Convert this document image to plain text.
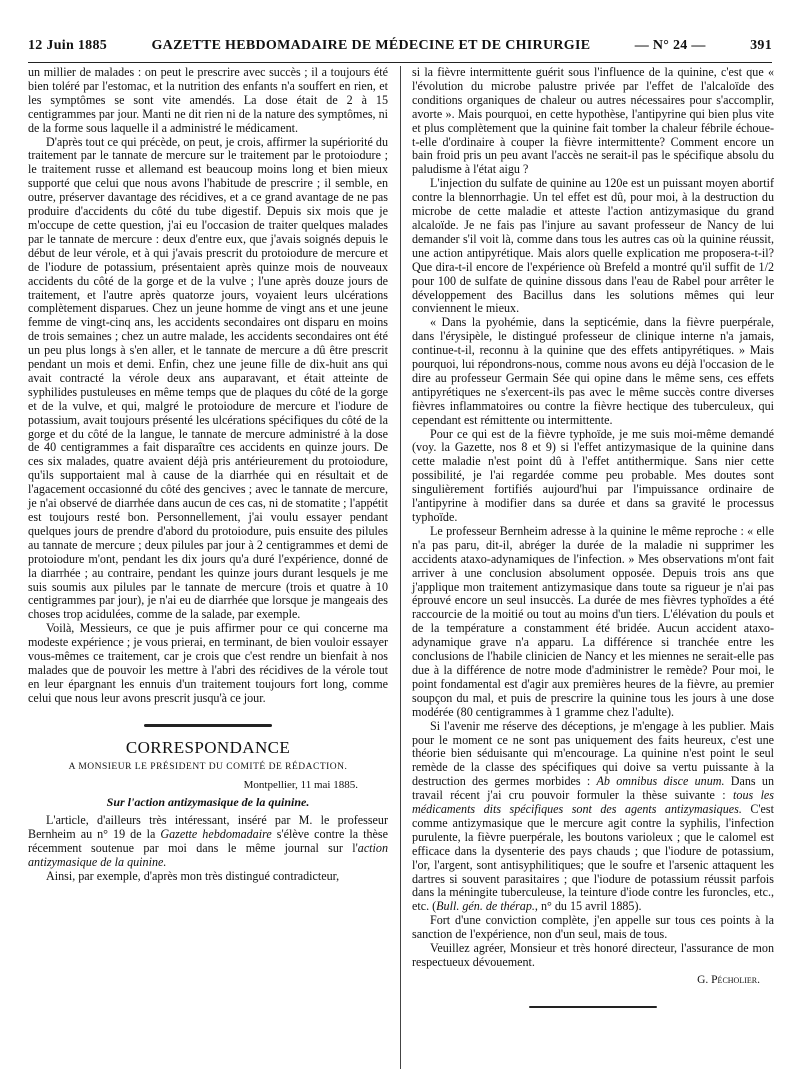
12 Juin 1885	GAZETTE HEBDOMADAIRE DE MÉDECINE ET DE CHIRURGIE	— N° 24 —	391

un millier de malades : on peut le prescrire avec succès ; il a toujours été bien toléré par l'estomac, et la nutrition des enfants n'a souffert en rien, et les symptômes se sont vite amendés. La dose était de 2 à 15 centigrammes par jour. Manti ne dit rien ni de la nature des symptômes, ni de la forme sous laquelle il a administré le médicament.

D'après tout ce qui précède, on peut, je crois, affirmer la supériorité du traitement par le tannate de mercure sur le traitement par le protoiodure ; le traitement russe et allemand est beaucoup moins long et bien mieux supporté que celui que nous avons l'habitude de prescrire ; il semble, en outre, préserver davantage des récidives, et a ce grand avantage de ne pas produire d'accidents du côté du tube digestif. Depuis six mois que je m'occupe de cette question, j'ai eu l'occasion de traiter quelques malades par le tannate de mercure : deux d'entre eux, que j'avais soignés depuis le début de leur vérole, et à qui j'avais prescrit du protoiodure de mercure et de l'iodure de potassium, présentaient après quinze mois de nouveaux accidents du côté de la gorge et de la vulve ; l'une après douze jours de traitement, et l'autre après quatorze jours, voyaient leurs ulcérations complètement disparues. Chez un jeune homme de vingt ans et une jeune femme de vingt-cinq ans, les accidents secondaires ont disparu en moins de trois semaines ; chez un autre malade, les accidents secondaires ont été un peu plus longs à s'en aller, et le tannate de mercure a dû être prescrit pendant un mois et demi. Enfin, chez une jeune fille de dix-huit ans qui avait contracté la vérole deux ans auparavant, et était atteinte de syphilides pustuleuses en même temps que de plaques du côté de la gorge et de la vulve, et qui, malgré le protoiodure de mercure et l'iodure de potassium, avait toujours présenté les ulcérations spécifiques du côté de la gorge et du côté de la langue, le tannate de mercure administré à la dose de 40 centigrammes a fait disparaître ces accidents en quinze jours. De ces six malades, quatre avaient déjà pris antérieurement du protoiodure, qu'ils supportaient mal à cause de la diarrhée qui en résultait et de l'agacement occasionné du côté des gencives ; avec le tannate de mercure, je n'ai observé de diarrhée dans aucun de ces cas, ni de stomatite ; l'appétit est toujours resté bon. Personnellement, j'ai voulu essayer pendant quelques jours de prendre d'abord du protoiodure, puis ensuite des pilules au tannate de mercure ; deux pilules par jour à 2 centigrammes et demi de protoiodure m'ont, pendant les dix jours qu'a duré l'expérience, donné de la diarrhée ; au contraire, pendant les quinze jours durant lesquels je me suis soumis aux pilules par le tannate de mercure (trois et quatre à 10 centigrammes par jour), je n'ai eu de diarrhée que lorsque je mangeais des choses trop acidulées, comme de la salade, par exemple.

Voilà, Messieurs, ce que je puis affirmer pour ce qui concerne ma modeste expérience ; je vous prierai, en terminant, de bien vouloir essayer vous-mêmes ce traitement, car je crois que c'est rendre un bienfait à nos malades que de pouvoir les mettre à l'abri des récidives de la vérole tout en leur épargnant les ennuis d'un traitement toujours fort long, comme celui que nous leur avons prescrit jusqu'à ce jour.

CORRESPONDANCE
A MONSIEUR LE PRÉSIDENT DU COMITÉ DE RÉDACTION.
Montpellier, 11 mai 1885.
Sur l'action antizymasique de la quinine.

L'article, d'ailleurs très intéressant, inséré par M. le professeur Bernheim au n° 19 de la Gazette hebdomadaire s'élève contre la thèse récemment soutenue par moi dans le même journal sur l'action antizymasique de la quinine.

Ainsi, par exemple, d'après mon très distingué contradicteur,

si la fièvre intermittente guérit sous l'influence de la quinine, c'est que « l'évolution du microbe palustre privée par l'effet de l'alcaloïde des conditions organiques de chaleur ou autres nécessaires pour s'accomplir, avorte ». Mais pourquoi, en cette hypothèse, l'antipyrine qui bien plus vite et plus complètement que la quinine fait tomber la chaleur fébrile échoue-t-elle d'ordinaire à couper la fièvre intermittente? Comment encore un bain froid pris un peu avant l'accès ne serait-il pas le spécifique absolu du paludisme à l'état aigu ?

L'injection du sulfate de quinine au 120e est un puissant moyen abortif contre la blennorrhagie. Un tel effet est dû, pour moi, à la destruction du microbe de cette maladie et atteste l'action antizymasique du grand alcaloïde. Je ne fais pas l'injure au savant professeur de Nancy de lui demander s'il voit là, comme dans tous les autres cas où la quinine réussit, une action antipyrétique. Mais alors quelle explication me proposera-t-il? Que dira-t-il encore de l'expérience où Brefeld a montré qu'il suffit de 1/2 pour 100 de sulfate de quinine dissous dans l'eau de Rabel pour arrêter le développement des Bacillus dans les solutions mêmes qui leur conviennent le mieux.

« Dans la pyohémie, dans la septicémie, dans la fièvre puerpérale, dans l'érysipèle, le distingué professeur de clinique interne n'a jamais, continue-t-il, reconnu à la quinine que des effets antipyrétiques. » Mais pourquoi, lui répondrons-nous, comme nous avons eu déjà l'occasion de le dire au professeur Germain Sée qui opine dans le même sens, ces effets antipyrétiques ne s'exercent-ils pas avec le même succès contre diverses fièvres inflammatoires ou contre la fièvre hectique des tuberculeux, qui cependant est rémittente ou intermittente.

Pour ce qui est de la fièvre typhoïde, je me suis moi-même demandé (voy. la Gazette, nos 8 et 9) si l'effet antizymasique de la quinine dans cette maladie n'est point dû à l'effet antithermique. Sans nier cette possibilité, je l'ai regardée comme peu probable. Mes doutes sont singulièrement fortifiés aujourd'hui par l'impuissance ordinaire de l'antipyrine à modifier dans sa durée et dans sa gravité le processus typhoïde.

Le professeur Bernheim adresse à la quinine le même reproche : « elle n'a pas paru, dit-il, abréger la durée de la maladie ni supprimer les accidents ataxo-adynamiques de l'infection. » Mes observations m'ont fait arriver à une conclusion absolument opposée. Depuis trois ans que j'applique mon traitement antizymasique dans toute sa rigueur je n'ai pas éprouvé encore un seul insuccès. La durée de mes fièvres typhoïdes a été raccourcie de la moitié ou tout au moins d'un tiers. L'élévation du pouls et de la température a constamment été bridée. Aucun accident ataxo-adynamique grave n'a apparu. La différence si tranchée entre les conclusions de l'habile clinicien de Nancy et les miennes ne serait-elle pas due à la différence de notre mode d'administrer le remède? Pour moi, le point fondamental est d'agir aux premières heures de la fièvre, au premier soupçon du mal, et puis de prescrire la quinine tous les jours à une dose modérée (80 centigrammes à 1 gramme chez l'adulte).

Si l'avenir me réserve des déceptions, je m'engage à les publier. Mais pour le moment ce ne sont pas uniquement des faits heureux, c'est une théorie bien séduisante qui m'encourage. La quinine n'est point le seul remède de la classe des spécifiques qui doive sa vertu puissante à la destruction des germes morbides : Ab omnibus disce unum. Dans un travail récent j'ai cru pouvoir formuler la thèse suivante : tous les médicaments dits spécifiques sont des agents antizymasiques. C'est comme antizymasique que le mercure agit contre la syphilis, l'infection purulente, la fièvre puerpérale, les boutons varioleux ; que le calomel est efficace dans la dysenterie des pays chauds ; que l'iodure de potassium, l'or, l'argent, sont antisyphilitiques; que le soufre et l'arsenic attaquent les dartres si souvent parasitaires ; que l'iodure de potassium réussit parfois dans la méningite tuberculeuse, la teinture d'iode contre les furoncles, etc., etc. (Bull. gén. de thérap., n° du 15 avril 1885).

Fort d'une conviction complète, j'en appelle sur tous ces points à la sanction de l'expérience, non d'un seul, mais de tous.

Veuillez agréer, Monsieur et très honoré directeur, l'assurance de mon respectueux dévouement.

G. Pécholier.
